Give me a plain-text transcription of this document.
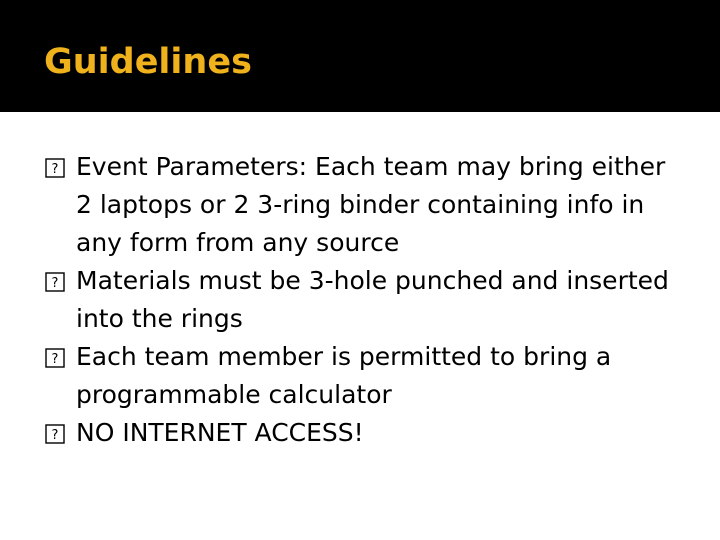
Guidelines
? Event Parameters: Each team may bring either 2 laptops or 2 3-ring binder containing info in any form from any source
? Materials must be 3-hole punched and inserted into the rings
? Each team member is permitted to bring a programmable calculator
? NO INTERNET ACCESS!
